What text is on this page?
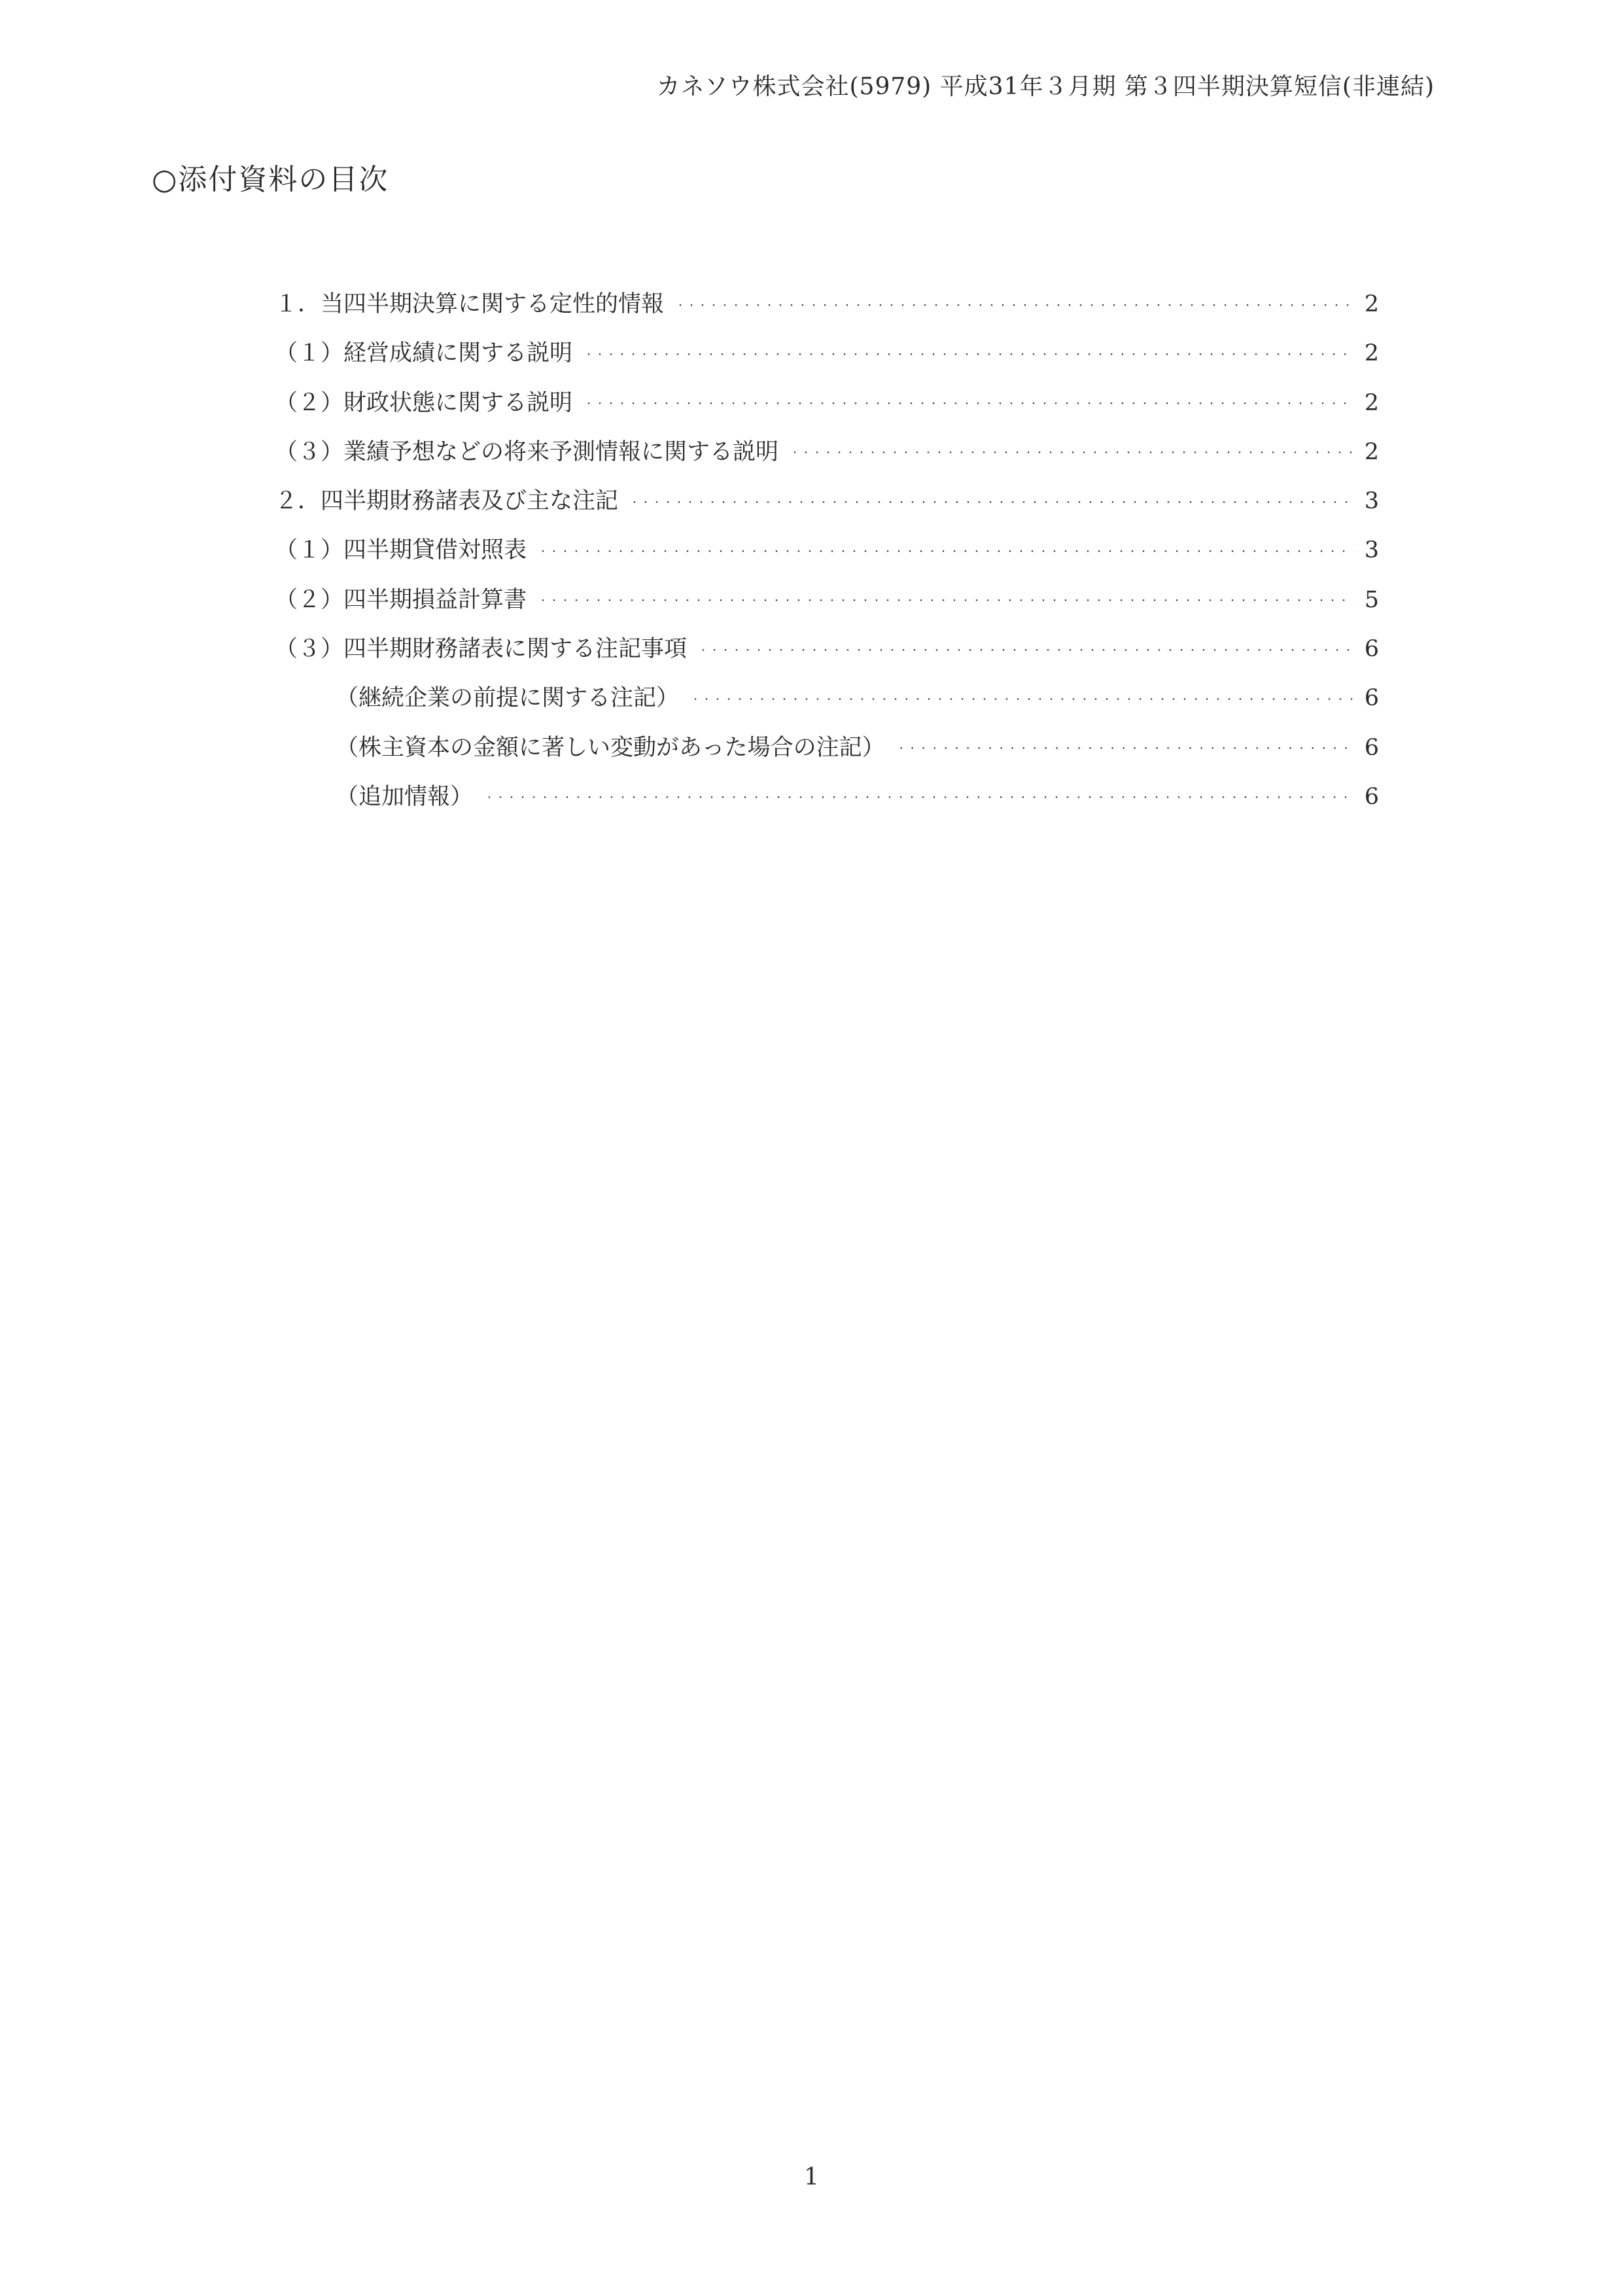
カネソウ株式会社(5979) 平成31年３月期 第３四半期決算短信(非連結)
○添付資料の目次
１．当四半期決算に関する定性的情報 ・・・・・・・・・・・・・・・・・・・・・・・・・・・・・・・・・・・・・・・・・・・・・・・・・・・・・・・・・・・・・・・・・・・・・・・・・・・・・・・・・・・・・・・・・・・・・・・・・・・・・・・・・・・・	2
（１）経営成績に関する説明 ・・・・・・・・・・・・・・・・・・・・・・・・・・・・・・・・・・・・・・・・・・・・・・・・・・・・・・・・・・・・・・・・・・・・・・・・・・・・・・・・・・・・・・・・・・・・・・・・・・・・・・・・・・・・	2
（２）財政状態に関する説明 ・・・・・・・・・・・・・・・・・・・・・・・・・・・・・・・・・・・・・・・・・・・・・・・・・・・・・・・・・・・・・・・・・・・・・・・・・・・・・・・・・・・・・・・・・・・・・・・・・・・・・・・・・・・・	2
（３）業績予想などの将来予測情報に関する説明 ・・・・・・・・・・・・・・・・・・・・・・・・・・・・・・・・・・・・・・・・・・・・・・・・・・・・・・・・・・・・・・・・・・・・・・・・・・・・・・・・・・・・・・・・・・・・・・・・・・・・・・・・・・・・	2
２．四半期財務諸表及び主な注記 ・・・・・・・・・・・・・・・・・・・・・・・・・・・・・・・・・・・・・・・・・・・・・・・・・・・・・・・・・・・・・・・・・・・・・・・・・・・・・・・・・・・・・・・・・・・・・・・・・・・・・・・・・・・・	3
（１）四半期貸借対照表 ・・・・・・・・・・・・・・・・・・・・・・・・・・・・・・・・・・・・・・・・・・・・・・・・・・・・・・・・・・・・・・・・・・・・・・・・・・・・・・・・・・・・・・・・・・・・・・・・・・・・・・・・・・・・	3
（２）四半期損益計算書 ・・・・・・・・・・・・・・・・・・・・・・・・・・・・・・・・・・・・・・・・・・・・・・・・・・・・・・・・・・・・・・・・・・・・・・・・・・・・・・・・・・・・・・・・・・・・・・・・・・・・・・・・・・・・	5
（３）四半期財務諸表に関する注記事項 ・・・・・・・・・・・・・・・・・・・・・・・・・・・・・・・・・・・・・・・・・・・・・・・・・・・・・・・・・・・・・・・・・・・・・・・・・・・・・・・・・・・・・・・・・・・・・・・・・・・・・・・・・・・・	6
（継続企業の前提に関する注記） ・・・・・・・・・・・・・・・・・・・・・・・・・・・・・・・・・・・・・・・・・・・・・・・・・・・・・・・・・・・・・・・・・・・・・・・・・・・・・・・・・・・・・・・・・・・・・・・・・・・・・・・・・・・・	6
（株主資本の金額に著しい変動があった場合の注記） ・・・・・・・・・・・・・・・・・・・・・・・・・・・・・・・・・・・・・・・・・・・・・・・・・・・・・・・・・・・・・・・・・・・・・・・・・・・・・・・・・・・・・・・・・・・・・・・・・・・・・・・・・・・・	6
（追加情報） ・・・・・・・・・・・・・・・・・・・・・・・・・・・・・・・・・・・・・・・・・・・・・・・・・・・・・・・・・・・・・・・・・・・・・・・・・・・・・・・・・・・・・・・・・・・・・・・・・・・・・・・・・・・・	6
1
